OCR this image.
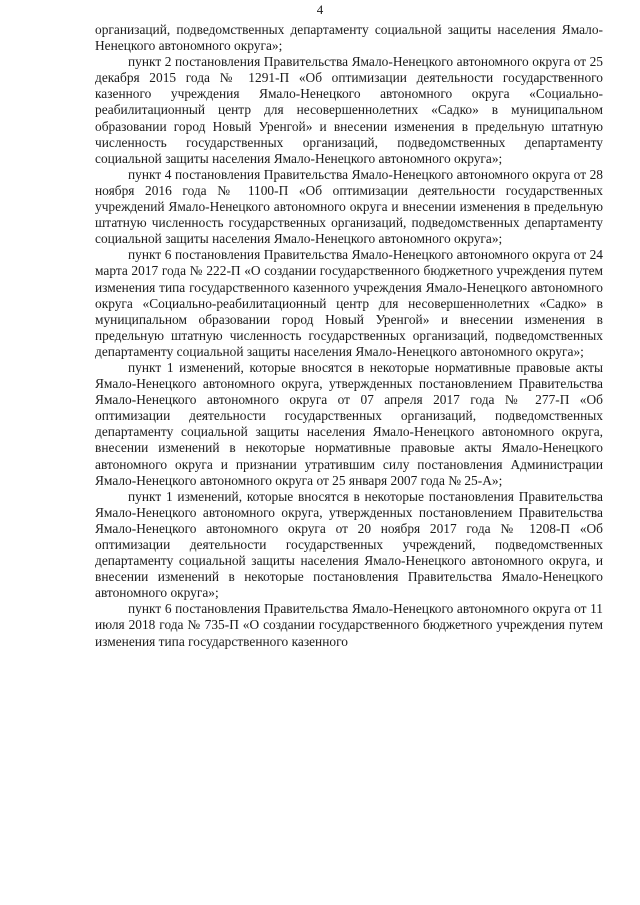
4

организаций, подведомственных департаменту социальной защиты населения Ямало-Ненецкого автономного округа»;

пункт 2 постановления Правительства Ямало-Ненецкого автономного округа от 25 декабря 2015 года № 1291-П «Об оптимизации деятельности государственного казенного учреждения Ямало-Ненецкого автономного округа «Социально-реабилитационный центр для несовершеннолетних «Садко» в муниципальном образовании город Новый Уренгой» и внесении изменения в предельную штатную численность государственных организаций, подведомственных департаменту социальной защиты населения Ямало-Ненецкого автономного округа»;

пункт 4 постановления Правительства Ямало-Ненецкого автономного округа от 28 ноября 2016 года № 1100-П «Об оптимизации деятельности государственных учреждений Ямало-Ненецкого автономного округа и внесении изменения в предельную штатную численность государственных организаций, подведомственных департаменту социальной защиты населения Ямало-Ненецкого автономного округа»;

пункт 6 постановления Правительства Ямало-Ненецкого автономного округа от 24 марта 2017 года № 222-П «О создании государственного бюджетного учреждения путем изменения типа государственного казенного учреждения Ямало-Ненецкого автономного округа «Социально-реабилитационный центр для несовершеннолетних «Садко» в муниципальном образовании город Новый Уренгой» и внесении изменения в предельную штатную численность государственных организаций, подведомственных департаменту социальной защиты населения Ямало-Ненецкого автономного округа»;

пункт 1 изменений, которые вносятся в некоторые нормативные правовые акты Ямало-Ненецкого автономного округа, утвержденных постановлением Правительства Ямало-Ненецкого автономного округа от 07 апреля 2017 года № 277-П «Об оптимизации деятельности государственных организаций, подведомственных департаменту социальной защиты населения Ямало-Ненецкого автономного округа, внесении изменений в некоторые нормативные правовые акты Ямало-Ненецкого автономного округа и признании утратившим силу постановления Администрации Ямало-Ненецкого автономного округа от 25 января 2007 года № 25-А»;

пункт 1 изменений, которые вносятся в некоторые постановления Правительства Ямало-Ненецкого автономного округа, утвержденных постановлением Правительства Ямало-Ненецкого автономного округа от 20 ноября 2017 года № 1208-П «Об оптимизации деятельности государственных учреждений, подведомственных департаменту социальной защиты населения Ямало-Ненецкого автономного округа, и внесении изменений в некоторые постановления Правительства Ямало-Ненецкого автономного округа»;

пункт 6 постановления Правительства Ямало-Ненецкого автономного округа от 11 июля 2018 года № 735-П «О создании государственного бюджетного учреждения путем изменения типа государственного казенного
